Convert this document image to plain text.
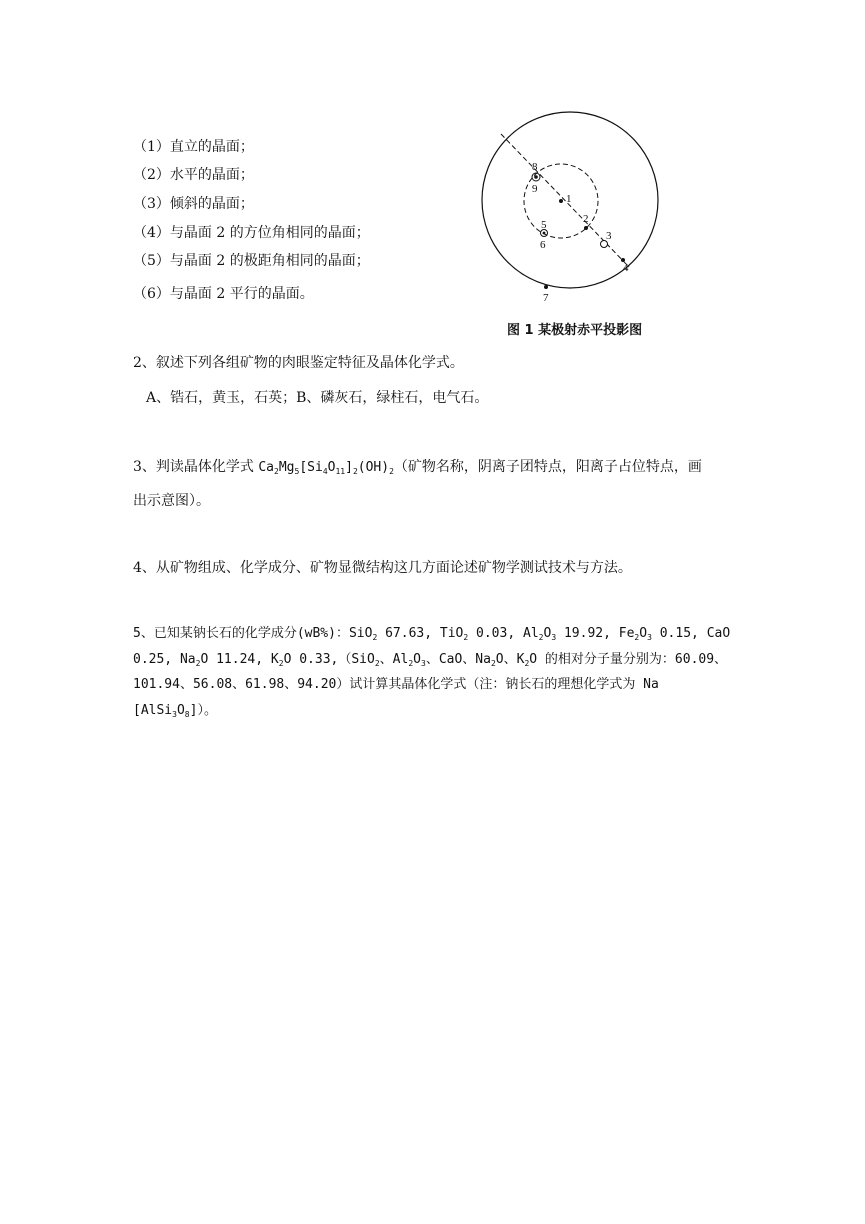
（1）直立的晶面；
（2）水平的晶面；
（3）倾斜的晶面；
（4）与晶面 2 的方位角相同的晶面；
（5）与晶面 2 的极距角相同的晶面；
（6）与晶面 2 平行的晶面。
8
9
1
2
3
4
5
6
7
图 1 某极射赤平投影图
2、叙述下列各组矿物的肉眼鉴定特征及晶体化学式。
A、锆石，黄玉，石英；B、磷灰石，绿柱石，电气石。
3、判读晶体化学式 $Ca_2Mg_5[Si_4O_{11}]_2(OH)_2$（矿物名称，阴离子团特点，阳离子占位特点，画
出示意图）。
4、从矿物组成、化学成分、矿物显微结构这几方面论述矿物学测试技术与方法。
5、已知某钠长石的化学成分(wB%)：SiO$_2$ 67.63, TiO$_2$ 0.03, $Al_2O_3$ 19.92, $Fe_2O_3$ 0.15, CaO
0.25, $Na_2O$ 11.24, $K_2O$ 0.33,（SiO$_2$、$Al_2O_3$、CaO、$Na_2O$、$K_2O$ 的相对分子量分别为：60.09、
101.94、56.08、61.98、94.20）试计算其晶体化学式（注：钠长石的理想化学式为 Na
$[AlSi_3O_8]$）。
